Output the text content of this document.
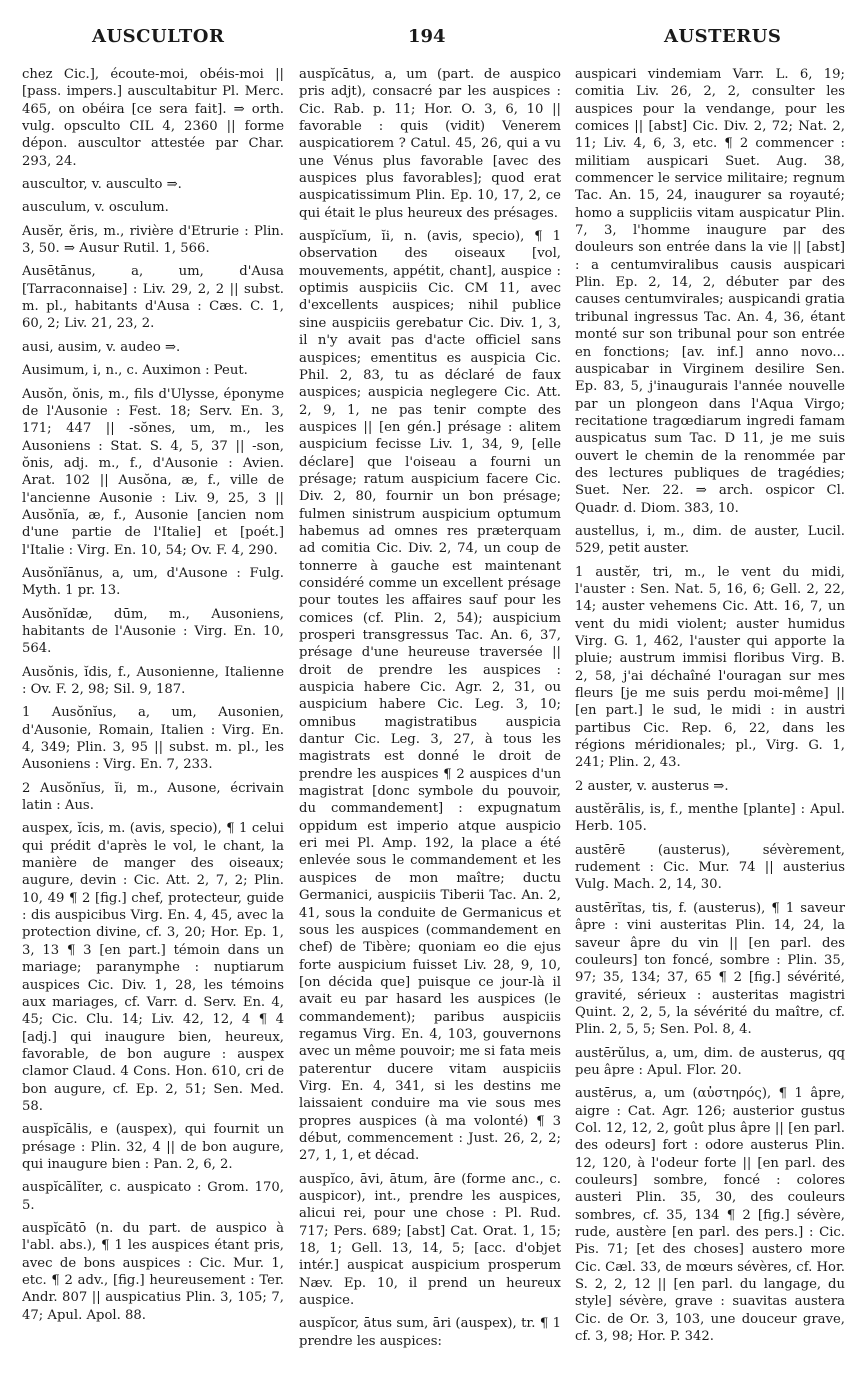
AUSCULTOR	194	AUSTERUS

chez Cic.], écoute-moi, obéis-moi || [pass. impers.] auscultabitur Pl. Merc. 465, on obéira [ce sera fait]. ⇒ orth. vulg. opsculto CIL 4, 2360 || forme dépon. auscultor attestée par Char. 293, 24.

auscultor, v. ausculto ⇒.

ausculum, v. osculum.

Ausĕr, ĕris, m., rivière d'Etrurie : Plin. 3, 50. ⇒ Ausur Rutil. 1, 566.

Ausētānus, a, um, d'Ausa [Tarraconnaise] : Liv. 29, 2, 2 || subst. m. pl., habitants d'Ausa : Cæs. C. 1, 60, 2; Liv. 21, 23, 2.

ausi, ausim, v. audeo ⇒.

Ausimum, i, n., c. Auximon : Peut.

Ausŏn, ŏnis, m., fils d'Ulysse, éponyme de l'Ausonie : Fest. 18; Serv. En. 3, 171; 447 || -sŏnes, um, m., les Ausoniens : Stat. S. 4, 5, 37 || -son, ŏnis, adj. m., f., d'Ausonie : Avien. Arat. 102 || Ausŏna, æ, f., ville de l'ancienne Ausonie : Liv. 9, 25, 3 || Ausŏnĭa, æ, f., Ausonie [ancien nom d'une partie de l'Italie] et [poét.] l'Italie : Virg. En. 10, 54; Ov. F. 4, 290.

Ausŏnĭānus, a, um, d'Ausone : Fulg. Myth. 1 pr. 13.

Ausŏnĭdæ, dūm, m., Ausoniens, habitants de l'Ausonie : Virg. En. 10, 564.

Ausŏnis, ĭdis, f., Ausonienne, Italienne : Ov. F. 2, 98; Sil. 9, 187.

1 Ausŏnĭus, a, um, Ausonien, d'Ausonie, Romain, Italien : Virg. En. 4, 349; Plin. 3, 95 || subst. m. pl., les Ausoniens : Virg. En. 7, 233.

2 Ausŏnĭus, ĭi, m., Ausone, écrivain latin : Aus.

auspex, ĭcis, m. (avis, specio), ¶ 1 celui qui prédit d'après le vol, le chant, la manière de manger des oiseaux; augure, devin : Cic. Att. 2, 7, 2; Plin. 10, 49 ¶ 2 [fig.] chef, protecteur, guide : dis auspicibus Virg. En. 4, 45, avec la protection divine, cf. 3, 20; Hor. Ep. 1, 3, 13 ¶ 3 [en part.] témoin dans un mariage; paranymphe : nuptiarum auspices Cic. Div. 1, 28, les témoins aux mariages, cf. Varr. d. Serv. En. 4, 45; Cic. Clu. 14; Liv. 42, 12, 4 ¶ 4 [adj.] qui inaugure bien, heureux, favorable, de bon augure : auspex clamor Claud. 4 Cons. Hon. 610, cri de bon augure, cf. Ep. 2, 51; Sen. Med. 58.

auspĭcālis, e (auspex), qui fournit un présage : Plin. 32, 4 || de bon augure, qui inaugure bien : Pan. 2, 6, 2.

auspĭcālĭter, c. auspicato : Grom. 170, 5.

auspĭcātō (n. du part. de auspico à l'abl. abs.), ¶ 1 les auspices étant pris, avec de bons auspices : Cic. Mur. 1, etc. ¶ 2 adv., [fig.] heureusement : Ter. Andr. 807 || auspicatius Plin. 3, 105; 7, 47; Apul. Apol. 88.

auspĭcātus, a, um (part. de auspico pris adjt), consacré par les auspices : Cic. Rab. p. 11; Hor. O. 3, 6, 10 || favorable : quis (vidit) Venerem auspicatiorem ? Catul. 45, 26, qui a vu une Vénus plus favorable [avec des auspices plus favorables]; quod erat auspicatissimum Plin. Ep. 10, 17, 2, ce qui était le plus heureux des présages.

auspĭcĭum, ĭi, n. (avis, specio), ¶ 1 observation des oiseaux [vol, mouvements, appétit, chant], auspice : optimis auspiciis Cic. CM 11, avec d'excellents auspices; nihil publice sine auspiciis gerebatur Cic. Div. 1, 3, il n'y avait pas d'acte officiel sans auspices; ementitus es auspicia Cic. Phil. 2, 83, tu as déclaré de faux auspices; auspicia neglegere Cic. Att. 2, 9, 1, ne pas tenir compte des auspices || [en gén.] présage : alitem auspicium fecisse Liv. 1, 34, 9, [elle déclare] que l'oiseau a fourni un présage; ratum auspicium facere Cic. Div. 2, 80, fournir un bon présage; fulmen sinistrum auspicium optumum habemus ad omnes res præterquam ad comitia Cic. Div. 2, 74, un coup de tonnerre à gauche est maintenant considéré comme un excellent présage pour toutes les affaires sauf pour les comices (cf. Plin. 2, 54); auspicium prosperi transgressus Tac. An. 6, 37, présage d'une heureuse traversée || droit de prendre les auspices : auspicia habere Cic. Agr. 2, 31, ou auspicium habere Cic. Leg. 3, 10; omnibus magistratibus auspicia dantur Cic. Leg. 3, 27, à tous les magistrats est donné le droit de prendre les auspices ¶ 2 auspices d'un magistrat [donc symbole du pouvoir, du commandement] : expugnatum oppidum est imperio atque auspicio eri mei Pl. Amp. 192, la place a été enlevée sous le commandement et les auspices de mon maître; ductu Germanici, auspiciis Tiberii Tac. An. 2, 41, sous la conduite de Germanicus et sous les auspices (commandement en chef) de Tibère; quoniam eo die ejus forte auspicium fuisset Liv. 28, 9, 10, [on décida que] puisque ce jour-là il avait eu par hasard les auspices (le commandement); paribus auspiciis regamus Virg. En. 4, 103, gouvernons avec un même pouvoir; me si fata meis paterentur ducere vitam auspiciis Virg. En. 4, 341, si les destins me laissaient conduire ma vie sous mes propres auspices (à ma volonté) ¶ 3 début, commencement : Just. 26, 2, 2; 27, 1, 1, et décad.

auspĭco, āvi, ātum, āre (forme anc., c. auspicor), int., prendre les auspices, alicui rei, pour une chose : Pl. Rud. 717; Pers. 689; [abst] Cat. Orat. 1, 15; 18, 1; Gell. 13, 14, 5; [acc. d'objet intér.] auspicat auspicium prosperum Næv. Ep. 10, il prend un heureux auspice.

auspĭcor, ātus sum, āri (auspex), tr. ¶ 1 prendre les auspices:

auspicari vindemiam Varr. L. 6, 19; comitia Liv. 26, 2, 2, consulter les auspices pour la vendange, pour les comices || [abst] Cic. Div. 2, 72; Nat. 2, 11; Liv. 4, 6, 3, etc. ¶ 2 commencer : militiam auspicari Suet. Aug. 38, commencer le service militaire; regnum Tac. An. 15, 24, inaugurer sa royauté; homo a suppliciis vitam auspicatur Plin. 7, 3, l'homme inaugure par des douleurs son entrée dans la vie || [abst] : a centumviralibus causis auspicari Plin. Ep. 2, 14, 2, débuter par des causes centumvirales; auspicandi gratia tribunal ingressus Tac. An. 4, 36, étant monté sur son tribunal pour son entrée en fonctions; [av. inf.] anno novo... auspicabar in Virginem desilire Sen. Ep. 83, 5, j'inaugurais l'année nouvelle par un plongeon dans l'Aqua Virgo; recitatione tragœdiarum ingredi famam auspicatus sum Tac. D 11, je me suis ouvert le chemin de la renommée par des lectures publiques de tragédies; Suet. Ner. 22. ⇒ arch. ospicor Cl. Quadr. d. Diom. 383, 10.

austellus, i, m., dim. de auster, Lucil. 529, petit auster.

1 austĕr, tri, m., le vent du midi, l'auster : Sen. Nat. 5, 16, 6; Gell. 2, 22, 14; auster vehemens Cic. Att. 16, 7, un vent du midi violent; auster humidus Virg. G. 1, 462, l'auster qui apporte la pluie; austrum immisi floribus Virg. B. 2, 58, j'ai déchaîné l'ouragan sur mes fleurs [je me suis perdu moi-même] || [en part.] le sud, le midi : in austri partibus Cic. Rep. 6, 22, dans les régions méridionales; pl., Virg. G. 1, 241; Plin. 2, 43.

2 auster, v. austerus ⇒.

austĕrālis, is, f., menthe [plante] : Apul. Herb. 105.

austērē (austerus), sévèrement, rudement : Cic. Mur. 74 || austerius Vulg. Mach. 2, 14, 30.

austērĭtas, tis, f. (austerus), ¶ 1 saveur âpre : vini austeritas Plin. 14, 24, la saveur âpre du vin || [en parl. des couleurs] ton foncé, sombre : Plin. 35, 97; 35, 134; 37, 65 ¶ 2 [fig.] sévérité, gravité, sérieux : austeritas magistri Quint. 2, 2, 5, la sévérité du maître, cf. Plin. 2, 5, 5; Sen. Pol. 8, 4.

austērŭlus, a, um, dim. de austerus, qq peu âpre : Apul. Flor. 20.

austērus, a, um (αὐστηρός), ¶ 1 âpre, aigre : Cat. Agr. 126; austerior gustus Col. 12, 12, 2, goût plus âpre || [en parl. des odeurs] fort : odore austerus Plin. 12, 120, à l'odeur forte || [en parl. des couleurs] sombre, foncé : colores austeri Plin. 35, 30, des couleurs sombres, cf. 35, 134 ¶ 2 [fig.] sévère, rude, austère [en parl. des pers.] : Cic. Pis. 71; [et des choses] austero more Cic. Cæl. 33, de mœurs sévères, cf. Hor. S. 2, 2, 12 || [en parl. du langage, du style] sévère, grave : suavitas austera Cic. de Or. 3, 103, une douceur grave, cf. 3, 98; Hor. P. 342.
